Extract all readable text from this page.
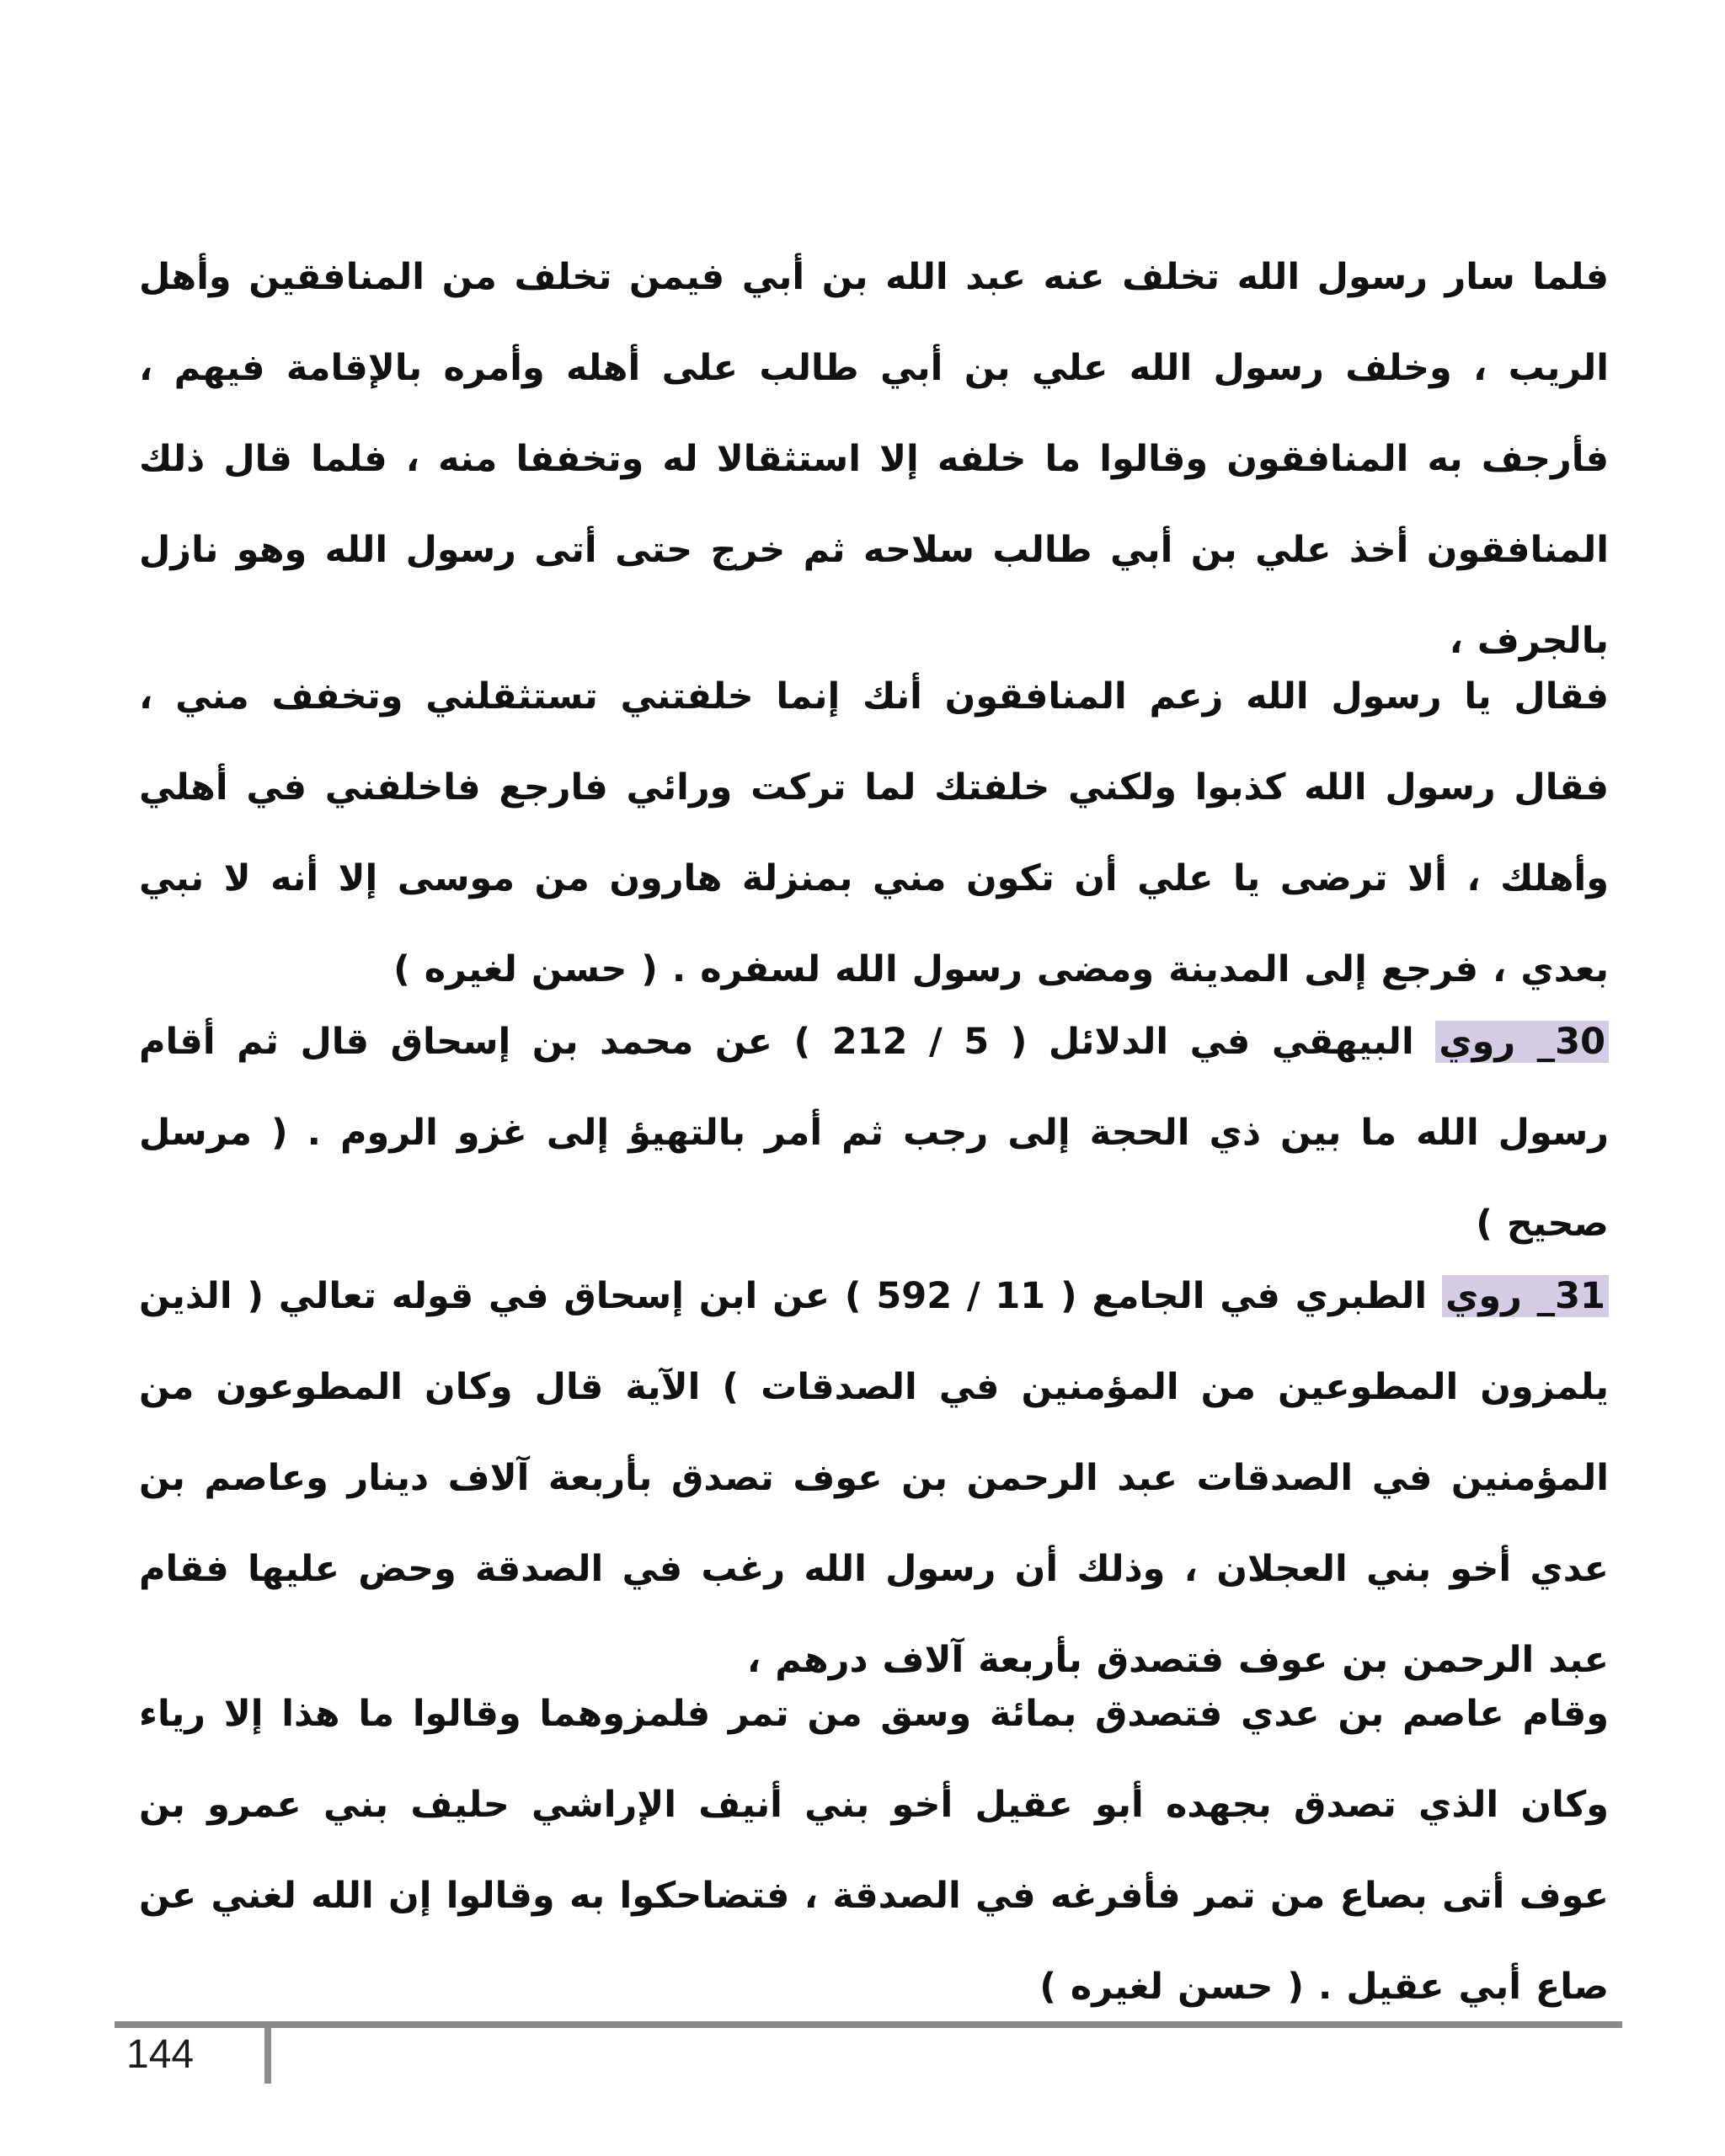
فلما سار رسول الله تخلف عنه عبد الله بن أبي فيمن تخلف من المنافقين وأهل الريب ، وخلف رسول الله علي بن أبي طالب على أهله وأمره بالإقامة فيهم ، فأرجف به المنافقون وقالوا ما خلفه إلا استثقالا له وتخففا منه ، فلما قال ذلك المنافقون أخذ علي بن أبي طالب سلاحه ثم خرج حتى أتى رسول الله وهو نازل بالجرف ،

فقال يا رسول الله زعم المنافقون أنك إنما خلفتني تستثقلني وتخفف مني ، فقال رسول الله كذبوا ولكني خلفتك لما تركت ورائي فارجع فاخلفني في أهلي وأهلك ، ألا ترضى يا علي أن تكون مني بمنزلة هارون من موسى إلا أنه لا نبي بعدي ، فرجع إلى المدينة ومضى رسول الله لسفره . ( حسن لغيره )

30_ روي البيهقي في الدلائل ( 5 / 212 ) عن محمد بن إسحاق قال ثم أقام رسول الله ما بين ذي الحجة إلى رجب ثم أمر بالتهيؤ إلى غزو الروم . ( مرسل صحيح )

31_ روي الطبري في الجامع ( 11 / 592 ) عن ابن إسحاق في قوله تعالي ( الذين يلمزون المطوعين من المؤمنين في الصدقات ) الآية قال وكان المطوعون من المؤمنين في الصدقات عبد الرحمن بن عوف تصدق بأربعة آلاف دينار وعاصم بن عدي أخو بني العجلان ، وذلك أن رسول الله رغب في الصدقة وحض عليها فقام عبد الرحمن بن عوف فتصدق بأربعة آلاف درهم ،

وقام عاصم بن عدي فتصدق بمائة وسق من تمر فلمزوهما وقالوا ما هذا إلا رياء وكان الذي تصدق بجهده أبو عقيل أخو بني أنيف الإراشي حليف بني عمرو بن عوف أتى بصاع من تمر فأفرغه في الصدقة ، فتضاحكوا به وقالوا إن الله لغني عن صاع أبي عقيل . ( حسن لغيره )

144
